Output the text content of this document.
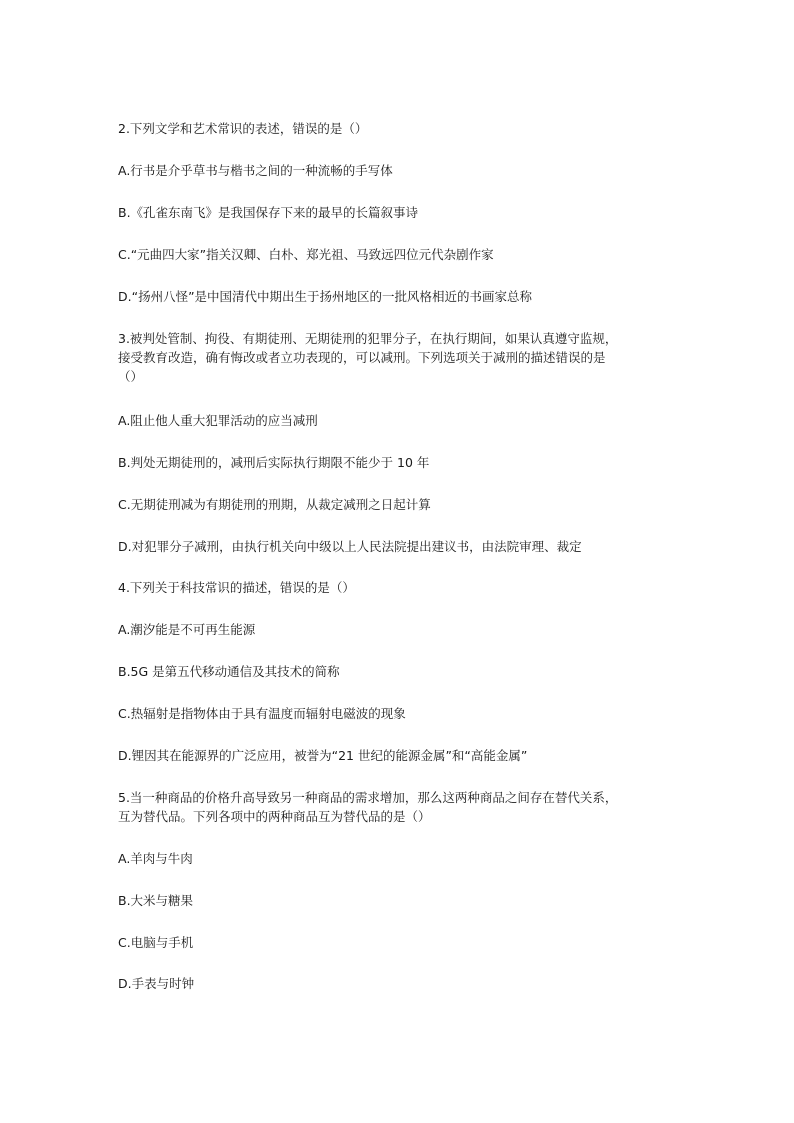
2.下列文学和艺术常识的表述，错误的是（）

A.行书是介乎草书与楷书之间的一种流畅的手写体

B.《孔雀东南飞》是我国保存下来的最早的长篇叙事诗

C.“元曲四大家”指关汉卿、白朴、郑光祖、马致远四位元代杂剧作家

D.“扬州八怪”是中国清代中期出生于扬州地区的一批风格相近的书画家总称

3.被判处管制、拘役、有期徒刑、无期徒刑的犯罪分子，在执行期间，如果认真遵守监规，
接受教育改造，确有悔改或者立功表现的，可以减刑。下列选项关于减刑的描述错误的是
（）

A.阻止他人重大犯罪活动的应当减刑

B.判处无期徒刑的，减刑后实际执行期限不能少于 10 年

C.无期徒刑减为有期徒刑的刑期，从裁定减刑之日起计算

D.对犯罪分子减刑，由执行机关向中级以上人民法院提出建议书，由法院审理、裁定

4.下列关于科技常识的描述，错误的是（）

A.潮汐能是不可再生能源

B.5G 是第五代移动通信及其技术的简称

C.热辐射是指物体由于具有温度而辐射电磁波的现象

D.锂因其在能源界的广泛应用，被誉为“21 世纪的能源金属”和“高能金属”

5.当一种商品的价格升高导致另一种商品的需求增加，那么这两种商品之间存在替代关系，
互为替代品。下列各项中的两种商品互为替代品的是（）

A.羊肉与牛肉

B.大米与糖果

C.电脑与手机

D.手表与时钟
